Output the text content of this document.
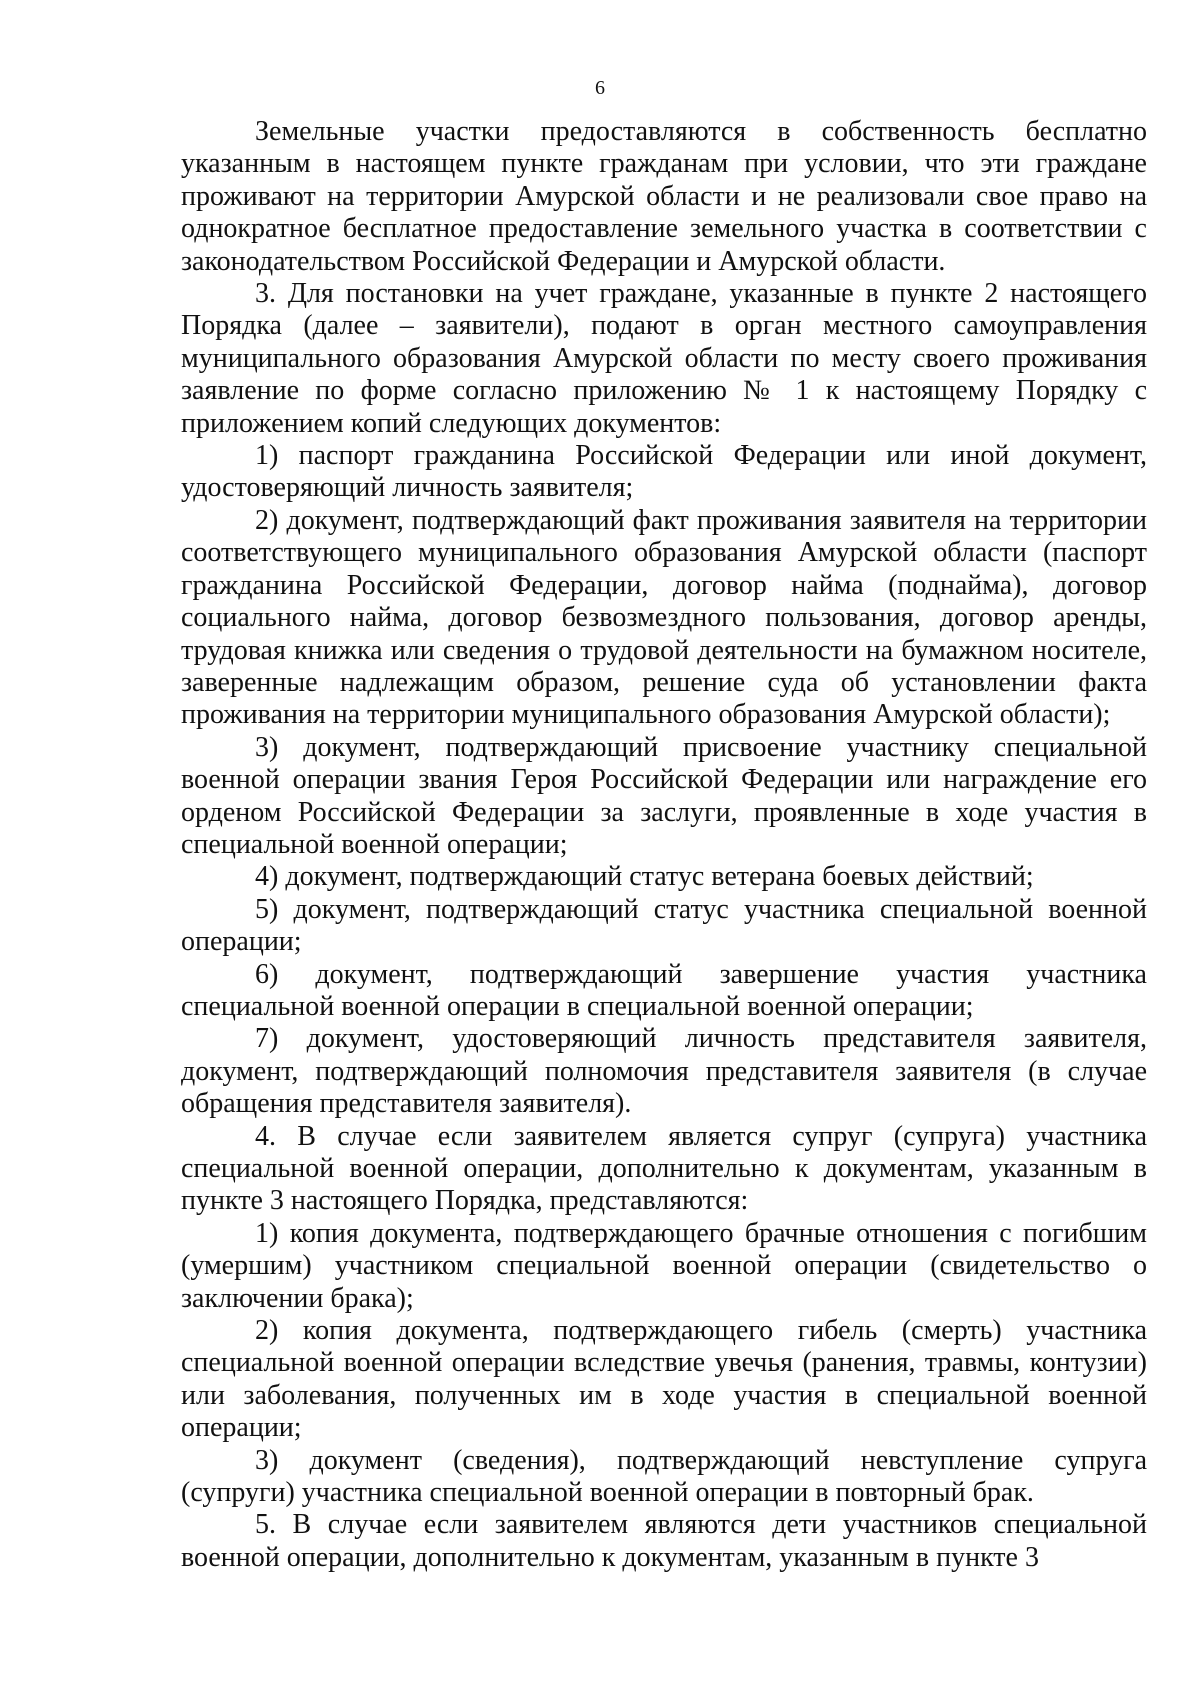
6

Земельные участки предоставляются в собственность бесплатно указанным в настоящем пункте гражданам при условии, что эти граждане проживают на территории Амурской области и не реализовали свое право на однократное бесплатное предоставление земельного участка в соответствии с законодательством Российской Федерации и Амурской области.

3. Для постановки на учет граждане, указанные в пункте 2 настоящего Порядка (далее – заявители), подают в орган местного самоуправления муниципального образования Амурской области по месту своего проживания заявление по форме согласно приложению № 1 к настоящему Порядку с приложением копий следующих документов:

1) паспорт гражданина Российской Федерации или иной документ, удостоверяющий личность заявителя;

2) документ, подтверждающий факт проживания заявителя на территории соответствующего муниципального образования Амурской области (паспорт гражданина Российской Федерации, договор найма (поднайма), договор социального найма, договор безвозмездного пользования, договор аренды, трудовая книжка или сведения о трудовой деятельности на бумажном носителе, заверенные надлежащим образом, решение суда об установлении факта проживания на территории муниципального образования Амурской области);

3) документ, подтверждающий присвоение участнику специальной военной операции звания Героя Российской Федерации или награждение его орденом Российской Федерации за заслуги, проявленные в ходе участия в специальной военной операции;

4) документ, подтверждающий статус ветерана боевых действий;

5) документ, подтверждающий статус участника специальной военной операции;

6) документ, подтверждающий завершение участия участника специальной военной операции в специальной военной операции;

7) документ, удостоверяющий личность представителя заявителя, документ, подтверждающий полномочия представителя заявителя (в случае обращения представителя заявителя).

4. В случае если заявителем является супруг (супруга) участника специальной военной операции, дополнительно к документам, указанным в пункте 3 настоящего Порядка, представляются:

1) копия документа, подтверждающего брачные отношения с погибшим (умершим) участником специальной военной операции (свидетельство о заключении брака);

2) копия документа, подтверждающего гибель (смерть) участника специальной военной операции вследствие увечья (ранения, травмы, контузии) или заболевания, полученных им в ходе участия в специальной военной операции;

3) документ (сведения), подтверждающий невступление супруга (супруги) участника специальной военной операции в повторный брак.

5. В случае если заявителем являются дети участников специальной военной операции, дополнительно к документам, указанным в пункте 3
